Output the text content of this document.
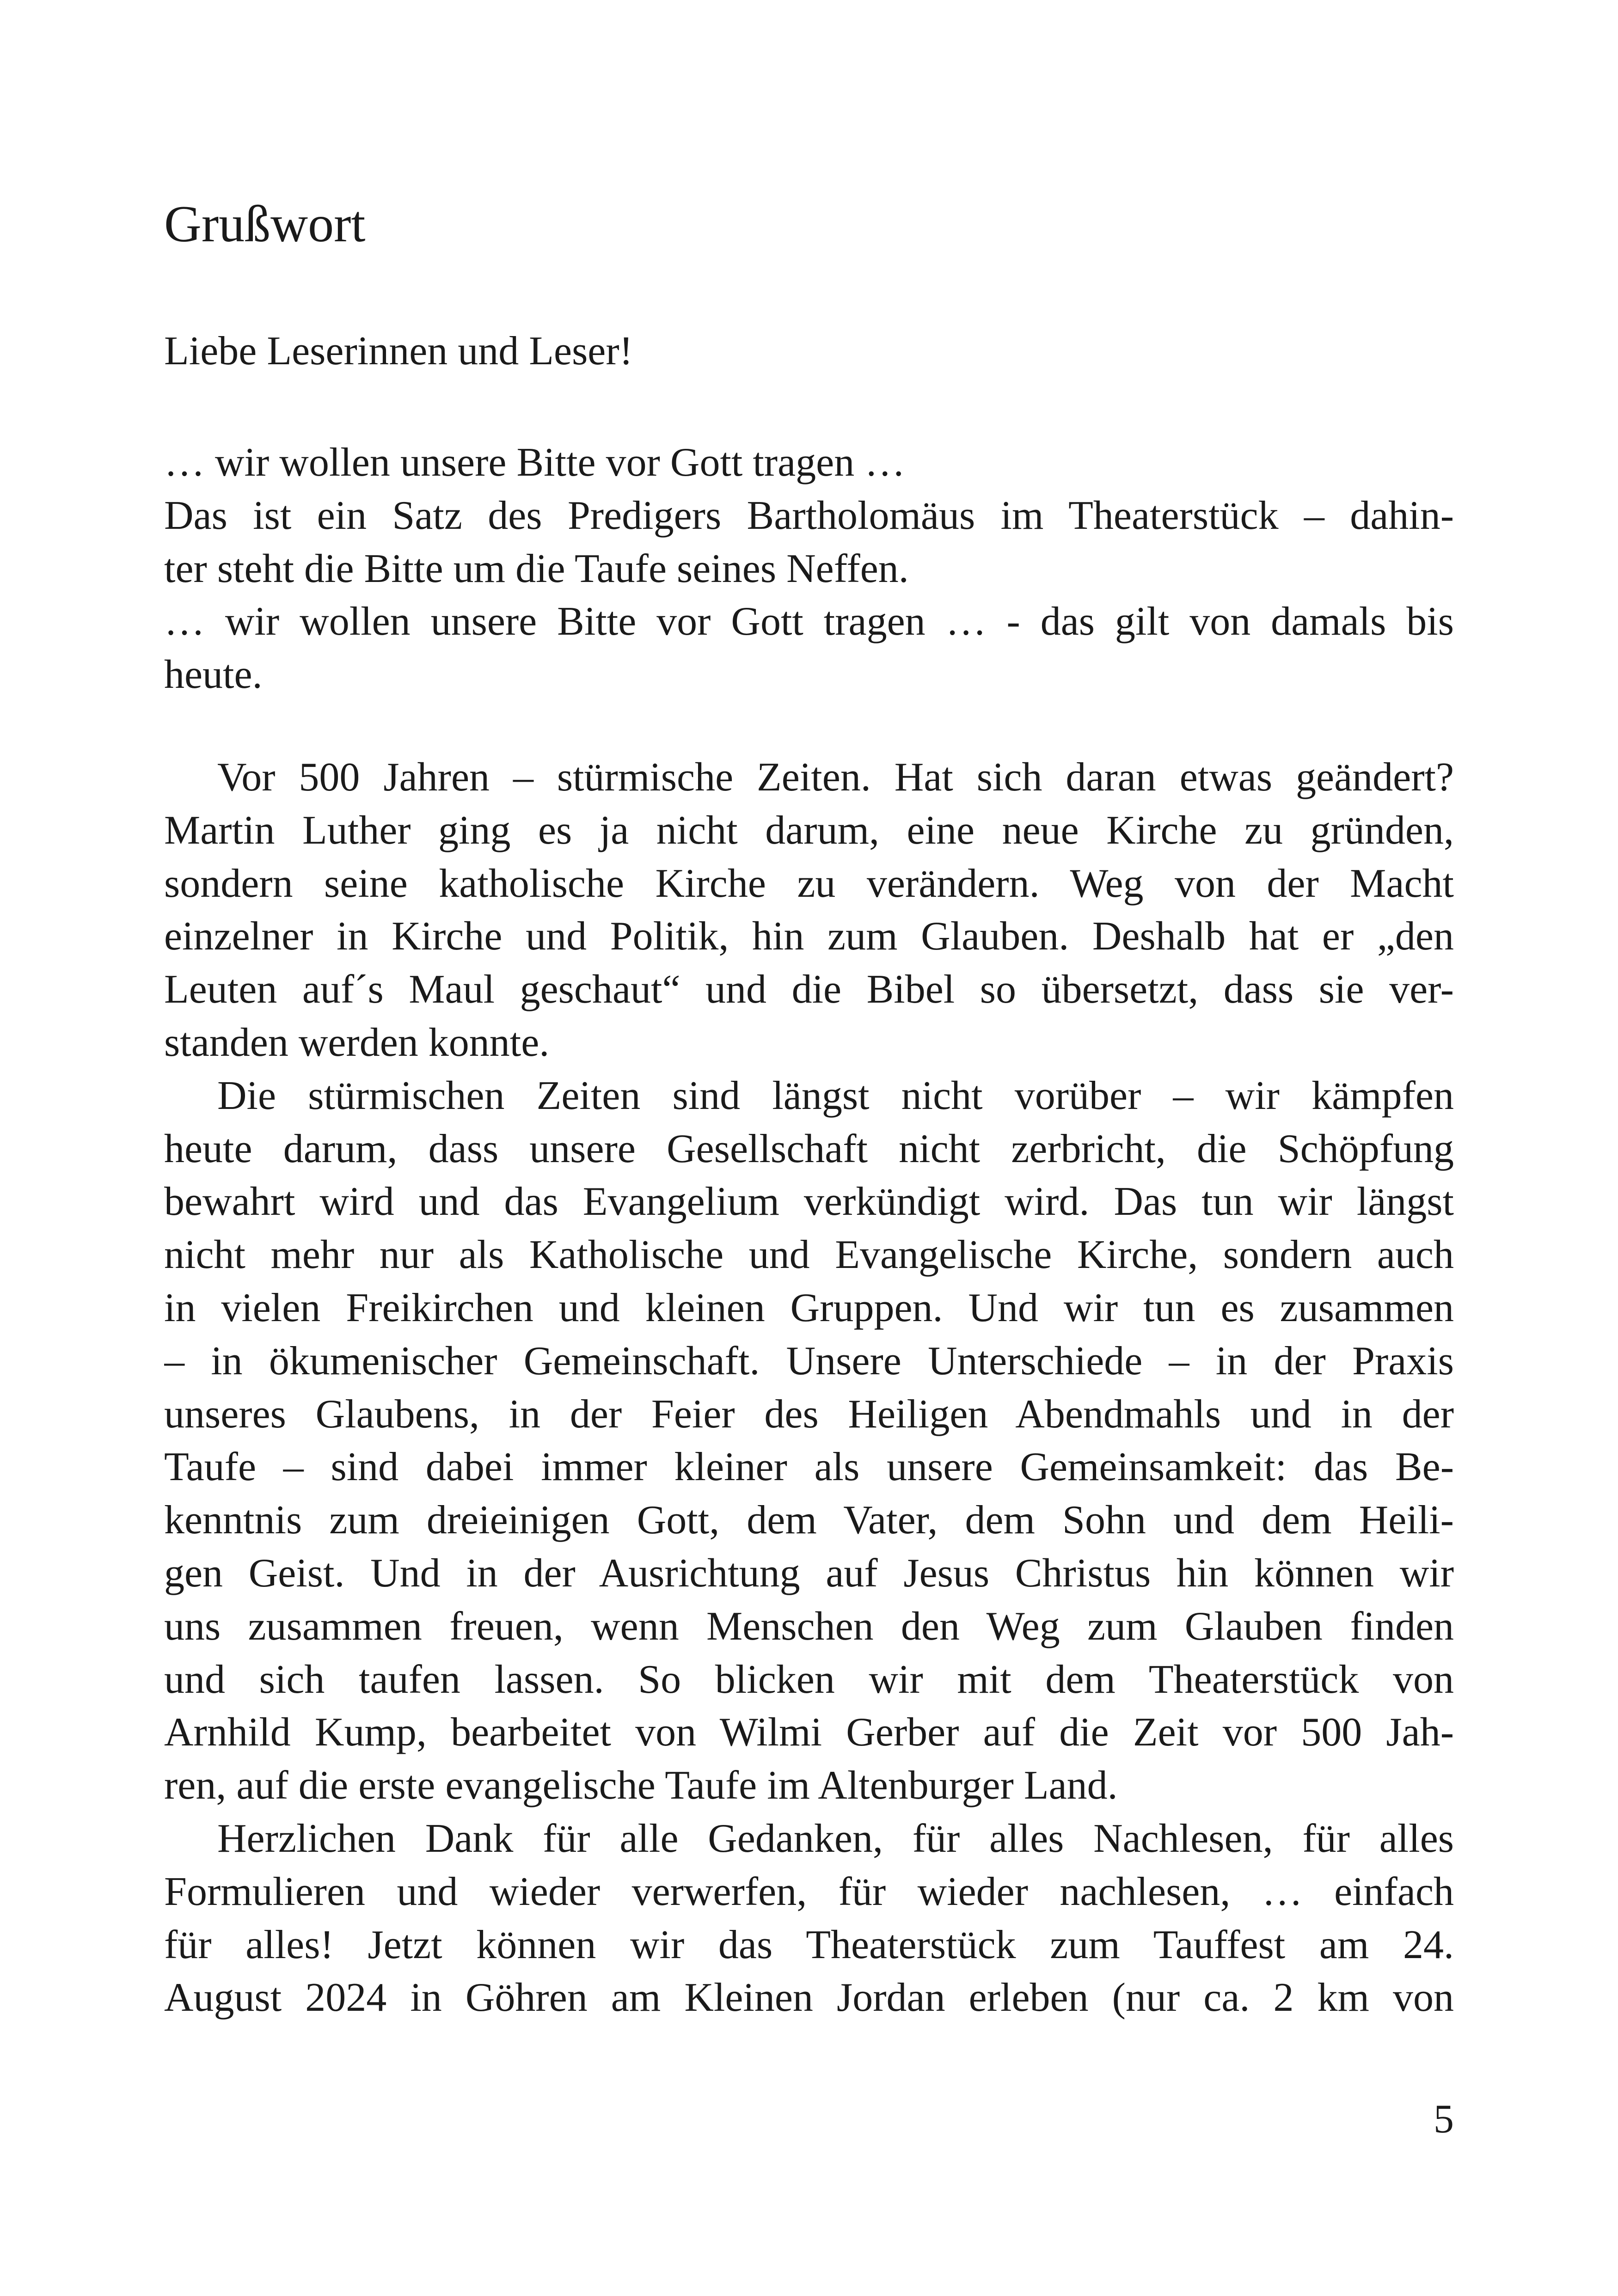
Grußwort

Liebe Leserinnen und Leser!

… wir wollen unsere Bitte vor Gott tragen …
Das ist ein Satz des Predigers Bartholomäus im Theaterstück – dahin-
ter steht die Bitte um die Taufe seines Neffen.
… wir wollen unsere Bitte vor Gott tragen … - das gilt von damals bis
heute.
Vor 500 Jahren – stürmische Zeiten. Hat sich daran etwas geändert?
Martin Luther ging es ja nicht darum, eine neue Kirche zu gründen,
sondern seine katholische Kirche zu verändern. Weg von der Macht
einzelner in Kirche und Politik, hin zum Glauben. Deshalb hat er „den
Leuten auf´s Maul geschaut“ und die Bibel so übersetzt, dass sie ver-
standen werden konnte.
Die stürmischen Zeiten sind längst nicht vorüber – wir kämpfen
heute darum, dass unsere Gesellschaft nicht zerbricht, die Schöpfung
bewahrt wird und das Evangelium verkündigt wird. Das tun wir längst
nicht mehr nur als Katholische und Evangelische Kirche, sondern auch
in vielen Freikirchen und kleinen Gruppen. Und wir tun es zusammen
– in ökumenischer Gemeinschaft. Unsere Unterschiede – in der Praxis
unseres Glaubens, in der Feier des Heiligen Abendmahls und in der
Taufe – sind dabei immer kleiner als unsere Gemeinsamkeit: das Be-
kenntnis zum dreieinigen Gott, dem Vater, dem Sohn und dem Heili-
gen Geist. Und in der Ausrichtung auf Jesus Christus hin können wir
uns zusammen freuen, wenn Menschen den Weg zum Glauben finden
und sich taufen lassen. So blicken wir mit dem Theaterstück von
Arnhild Kump, bearbeitet von Wilmi Gerber auf die Zeit vor 500 Jah-
ren, auf die erste evangelische Taufe im Altenburger Land.
Herzlichen Dank für alle Gedanken, für alles Nachlesen, für alles
Formulieren und wieder verwerfen, für wieder nachlesen, … einfach
für alles! Jetzt können wir das Theaterstück zum Tauffest am 24.
August 2024 in Göhren am Kleinen Jordan erleben (nur ca. 2 km von

5
